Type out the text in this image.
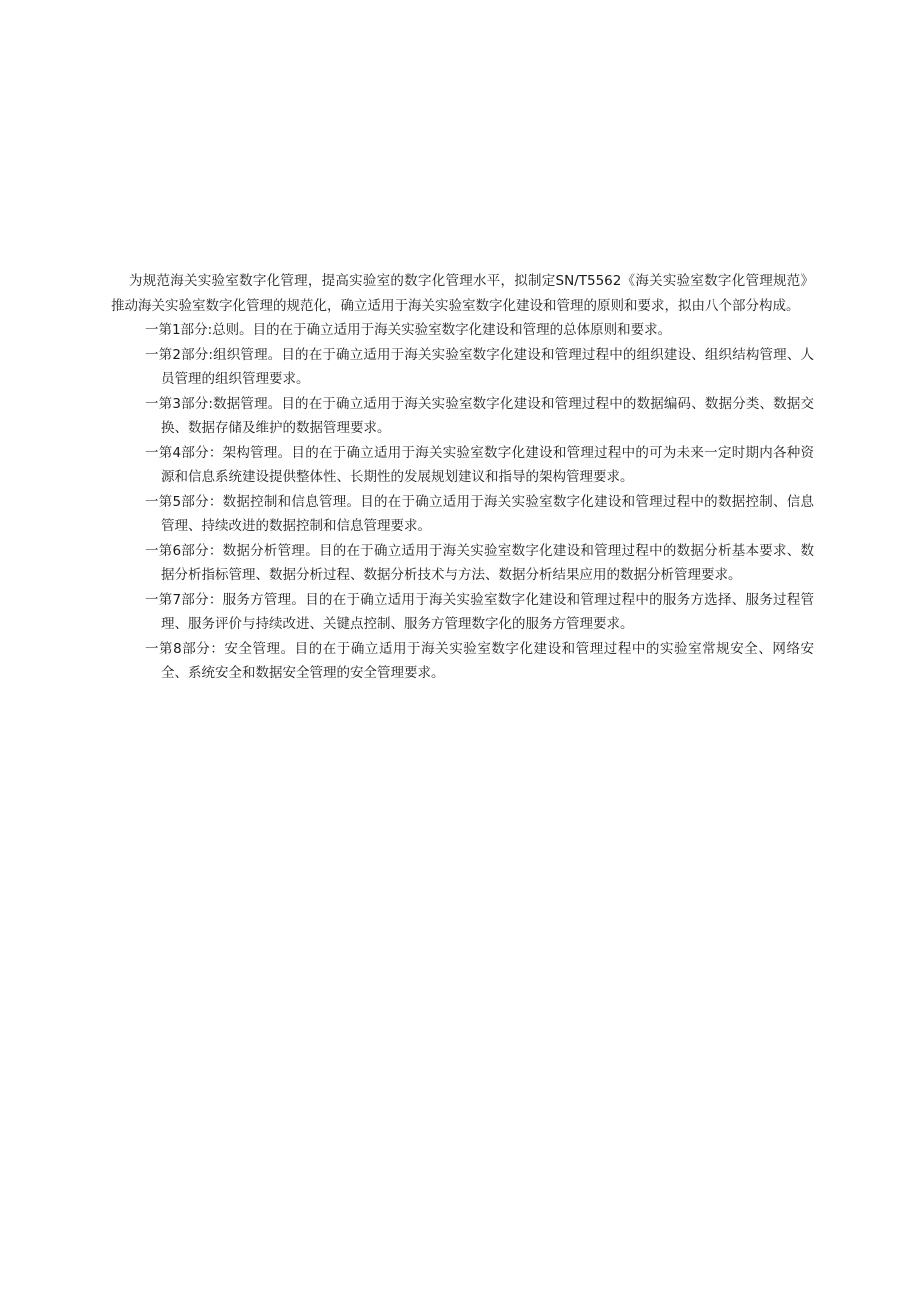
为规范海关实验室数字化管理，提高实验室的数字化管理水平，拟制定SN/T5562《海关实验室数字化管理规范》推动海关实验室数字化管理的规范化，确立适用于海关实验室数字化建设和管理的原则和要求，拟由八个部分构成。

一第1部分:总则。目的在于确立适用于海关实验室数字化建设和管理的总体原则和要求。
一第2部分:组织管理。目的在于确立适用于海关实验室数字化建设和管理过程中的组织建设、组织结构管理、人员管理的组织管理要求。
一第3部分:数据管理。目的在于确立适用于海关实验室数字化建设和管理过程中的数据编码、数据分类、数据交换、数据存储及维护的数据管理要求。
一第4部分：架构管理。目的在于确立适用于海关实验室数字化建设和管理过程中的可为未来一定时期内各种资源和信息系统建设提供整体性、长期性的发展规划建议和指导的架构管理要求。
一第5部分：数据控制和信息管理。目的在于确立适用于海关实验室数字化建设和管理过程中的数据控制、信息管理、持续改进的数据控制和信息管理要求。
一第6部分：数据分析管理。目的在于确立适用于海关实验室数字化建设和管理过程中的数据分析基本要求、数据分析指标管理、数据分析过程、数据分析技术与方法、数据分析结果应用的数据分析管理要求。
一第7部分：服务方管理。目的在于确立适用于海关实验室数字化建设和管理过程中的服务方选择、服务过程管理、服务评价与持续改进、关键点控制、服务方管理数字化的服务方管理要求。
一第8部分：安全管理。目的在于确立适用于海关实验室数字化建设和管理过程中的实验室常规安全、网络安全、系统安全和数据安全管理的安全管理要求。
